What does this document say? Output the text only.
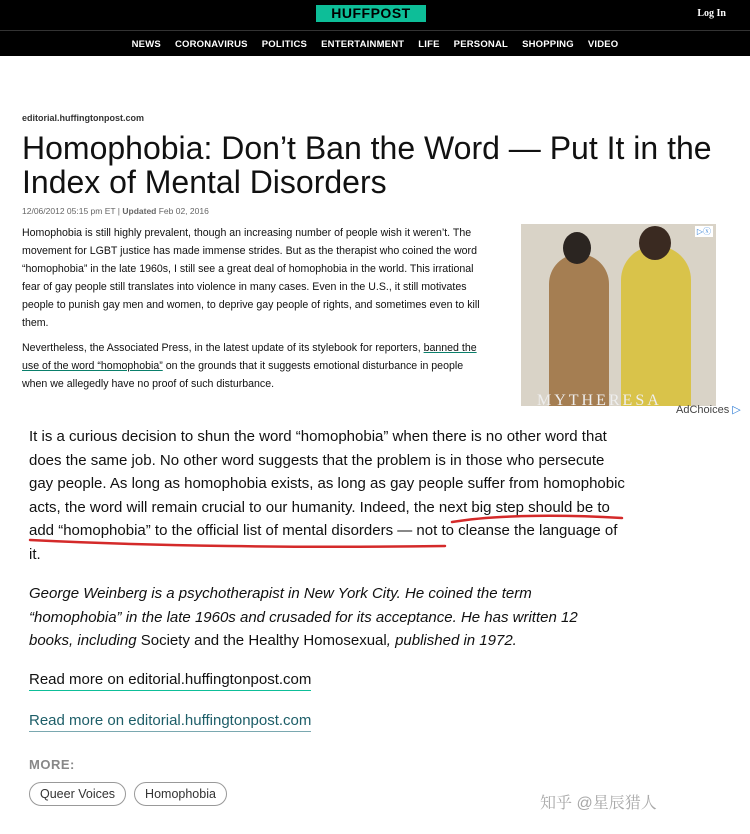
HUFFPOST	Log In
NEWS CORONAVIRUS POLITICS ENTERTAINMENT LIFE PERSONAL SHOPPING VIDEO
editorial.huffingtonpost.com
Homophobia: Don’t Ban the Word — Put It in the Index of Mental Disorders
12/06/2012 05:15 pm ET | Updated Feb 02, 2016

Homophobia is still highly prevalent, though an increasing number of people wish it weren’t. The movement for LGBT justice has made immense strides. But as the therapist who coined the word “homophobia” in the late 1960s, I still see a great deal of homophobia in the world. This irrational fear of gay people still translates into violence in many cases. Even in the U.S., it still motivates people to punish gay men and women, to deprive gay people of rights, and sometimes even to kill them.

Nevertheless, the Associated Press, in the latest update of its stylebook for reporters, banned the use of the word “homophobia” on the grounds that it suggests emotional disturbance in people when we allegedly have no proof of such disturbance.

MYTHERESA
▷ⓧ
AdChoices ▷

It is a curious decision to shun the word “homophobia” when there is no other word that does the same job. No other word suggests that the problem is in those who persecute gay people. As long as homophobia exists, as long as gay people suffer from homophobic acts, the word will remain crucial to our humanity. Indeed, the next big step should be to add “homophobia” to the official list of mental disorders — not to cleanse the language of it.

George Weinberg is a psychotherapist in New York City. He coined the term “homophobia” in the late 1960s and crusaded for its acceptance. He has written 12 books, including Society and the Healthy Homosexual, published in 1972.
Read more on editorial.huffingtonpost.com
Read more on editorial.huffingtonpost.com
MORE:
Queer Voices	Homophobia
知乎 @星辰猎人
